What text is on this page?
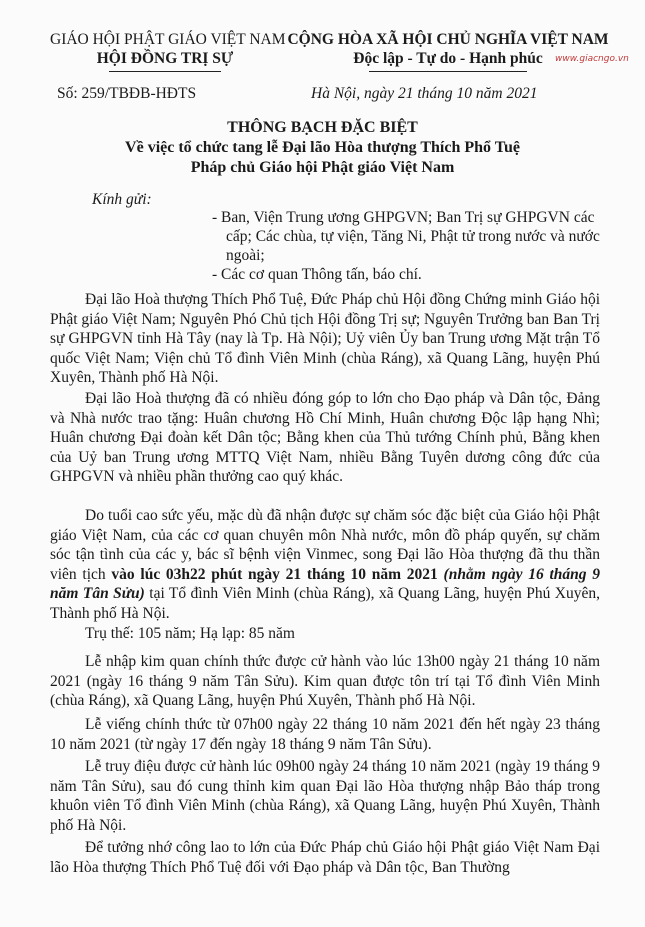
GIÁO HỘI PHẬT GIÁO VIỆT NAM
HỘI ĐỒNG TRỊ SỰ
CỘNG HÒA XÃ HỘI CHỦ NGHĨA VIỆT NAM
Độc lập - Tự do - Hạnh phúc	www.giacngo.vn
Số: 259/TBĐB-HĐTS	Hà Nội, ngày 21 tháng 10 năm 2021
THÔNG BẠCH ĐẶC BIỆT
Về việc tổ chức tang lễ Đại lão Hòa thượng Thích Phổ Tuệ
Pháp chủ Giáo hội Phật giáo Việt Nam
Kính gửi:
- Ban, Viện Trung ương GHPGVN; Ban Trị sự GHPGVN các cấp; Các chùa, tự viện, Tăng Ni, Phật tử trong nước và nước ngoài;
- Các cơ quan Thông tấn, báo chí.

Đại lão Hoà thượng Thích Phổ Tuệ, Đức Pháp chủ Hội đồng Chứng minh Giáo hội Phật giáo Việt Nam; Nguyên Phó Chủ tịch Hội đồng Trị sự; Nguyên Trưởng ban Ban Trị sự GHPGVN tỉnh Hà Tây (nay là Tp. Hà Nội); Uỷ viên Ủy ban Trung ương Mặt trận Tổ quốc Việt Nam; Viện chủ Tổ đình Viên Minh (chùa Ráng), xã Quang Lãng, huyện Phú Xuyên, Thành phố Hà Nội.

Đại lão Hoà thượng đã có nhiều đóng góp to lớn cho Đạo pháp và Dân tộc, Đảng và Nhà nước trao tặng: Huân chương Hồ Chí Minh, Huân chương Độc lập hạng Nhì; Huân chương Đại đoàn kết Dân tộc; Bằng khen của Thủ tướng Chính phủ, Bằng khen của Uỷ ban Trung ương MTTQ Việt Nam, nhiều Bằng Tuyên dương công đức của GHPGVN và nhiều phần thưởng cao quý khác.

Do tuổi cao sức yếu, mặc dù đã nhận được sự chăm sóc đặc biệt của Giáo hội Phật giáo Việt Nam, của các cơ quan chuyên môn Nhà nước, môn đồ pháp quyến, sự chăm sóc tận tình của các y, bác sĩ bệnh viện Vinmec, song Đại lão Hòa thượng đã thu thần viên tịch vào lúc 03h22 phút ngày 21 tháng 10 năm 2021 (nhằm ngày 16 tháng 9 năm Tân Sửu) tại Tổ đình Viên Minh (chùa Ráng), xã Quang Lãng, huyện Phú Xuyên, Thành phố Hà Nội.

Trụ thế: 105 năm; Hạ lạp: 85 năm

Lễ nhập kim quan chính thức được cử hành vào lúc 13h00 ngày 21 tháng 10 năm 2021 (ngày 16 tháng 9 năm Tân Sửu). Kim quan được tôn trí tại Tổ đình Viên Minh (chùa Ráng), xã Quang Lãng, huyện Phú Xuyên, Thành phố Hà Nội.

Lễ viếng chính thức từ 07h00 ngày 22 tháng 10 năm 2021 đến hết ngày 23 tháng 10 năm 2021 (từ ngày 17 đến ngày 18 tháng 9 năm Tân Sửu).

Lễ truy điệu được cử hành lúc 09h00 ngày 24 tháng 10 năm 2021 (ngày 19 tháng 9 năm Tân Sửu), sau đó cung thỉnh kim quan Đại lão Hòa thượng nhập Bảo tháp trong khuôn viên Tổ đình Viên Minh (chùa Ráng), xã Quang Lãng, huyện Phú Xuyên, Thành phố Hà Nội.

Để tưởng nhớ công lao to lớn của Đức Pháp chủ Giáo hội Phật giáo Việt Nam Đại lão Hòa thượng Thích Phổ Tuệ đối với Đạo pháp và Dân tộc, Ban Thường
